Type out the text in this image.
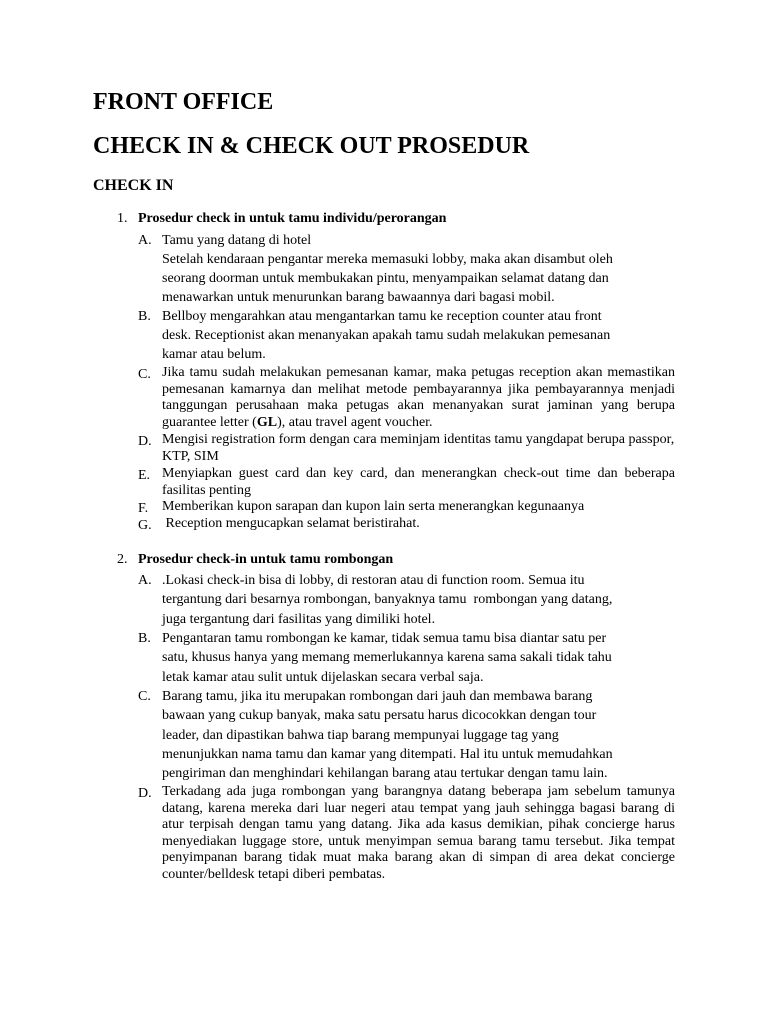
FRONT OFFICE
CHECK IN & CHECK OUT PROSEDUR
CHECK IN
1. Prosedur check in untuk tamu individu/perorangan
A. Tamu yang datang di hotel

Setelah kendaraan pengantar mereka memasuki lobby, maka akan disambut oleh

seorang doorman untuk membukakan pintu, menyampaikan selamat datang dan

menawarkan untuk menurunkan barang bawaannya dari bagasi mobil.

B. Bellboy mengarahkan atau mengantarkan tamu ke reception counter atau front

desk. Receptionist akan menanyakan apakah tamu sudah melakukan pemesanan

kamar atau belum.

C. Jika tamu sudah melakukan pemesanan kamar, maka petugas reception akan memastikan pemesanan kamarnya dan melihat metode pembayarannya jika pembayarannya menjadi tanggungan perusahaan maka petugas akan menanyakan surat jaminan yang berupa guarantee letter (GL), atau travel agent voucher.
D. Mengisi registration form dengan cara meminjam identitas tamu yangdapat berupa passpor, KTP, SIM
E. Menyiapkan guest card dan key card, dan menerangkan check-out time dan beberapa fasilitas penting
F. Memberikan kupon sarapan dan kupon lain serta menerangkan kegunaanya
G. Reception mengucapkan selamat beristirahat.
2. Prosedur check-in untuk tamu rombongan
A. .Lokasi check-in bisa di lobby, di restoran atau di function room. Semua itu

tergantung dari besarnya rombongan, banyaknya tamu  rombongan yang datang,

juga tergantung dari fasilitas yang dimiliki hotel.

B. Pengantaran tamu rombongan ke kamar, tidak semua tamu bisa diantar satu per

satu, khusus hanya yang memang memerlukannya karena sama sakali tidak tahu

letak kamar atau sulit untuk dijelaskan secara verbal saja.

C. Barang tamu, jika itu merupakan rombongan dari jauh dan membawa barang

bawaan yang cukup banyak, maka satu persatu harus dicocokkan dengan tour

leader, dan dipastikan bahwa tiap barang mempunyai luggage tag yang

menunjukkan nama tamu dan kamar yang ditempati. Hal itu untuk memudahkan

pengiriman dan menghindari kehilangan barang atau tertukar dengan tamu lain.

D. Terkadang ada juga rombongan yang barangnya datang beberapa jam sebelum tamunya datang, karena mereka dari luar negeri atau tempat yang jauh sehingga bagasi barang di atur terpisah dengan tamu yang datang. Jika ada kasus demikian, pihak concierge harus menyediakan luggage store, untuk menyimpan semua barang tamu tersebut. Jika tempat penyimpanan barang tidak muat maka barang akan di simpan di area dekat concierge counter/belldesk tetapi diberi pembatas.
